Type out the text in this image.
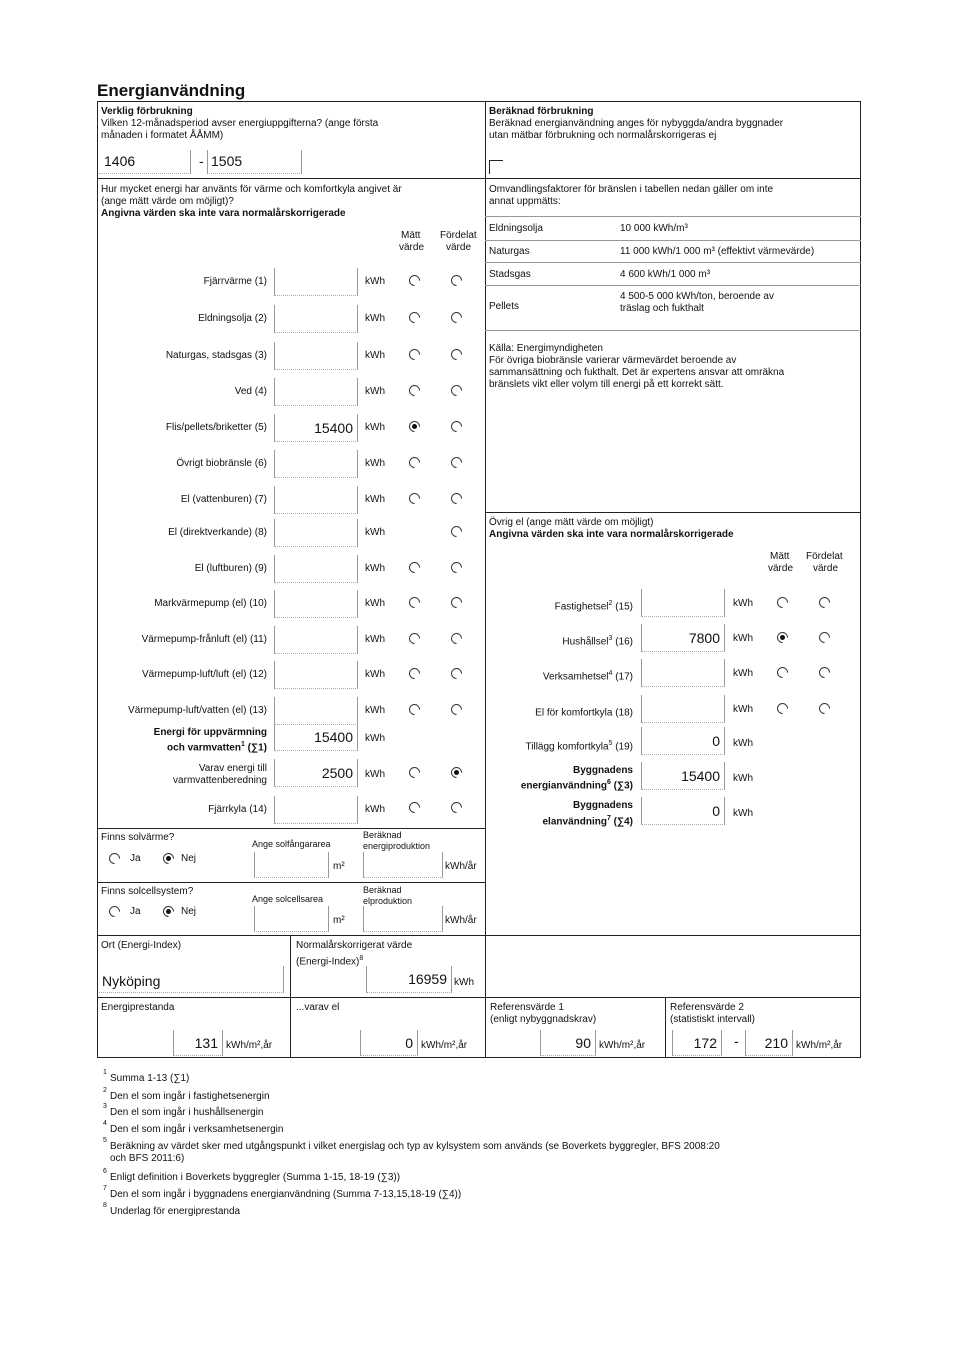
Energianvändning
Verklig förbrukning
Vilken 12-månadsperiod avser energiuppgifterna? (ange första
månaden i formatet ÅÅMM)
1406	- 1505
Hur mycket energi har använts för värme och komfortkyla angivet är
(ange mätt värde om möjligt)?
Angivna värden ska inte vara normalårskorrigerade
Mätt
värde
Fördelat
värde
Fjärrvärme (1)	kWh
Eldningsolja (2)	kWh
Naturgas, stadsgas (3)	kWh
Ved (4)	kWh
Flis/pellets/briketter (5)	15400	kWh
Övrigt biobränsle (6)	kWh
El (vattenburen) (7)	kWh
El (direktverkande) (8)	kWh
El (luftburen) (9)	kWh
Markvärmepump (el) (10)	kWh
Värmepump-frånluft (el) (11)	kWh
Värmepump-luft/luft (el) (12)	kWh
Värmepump-luft/vatten (el) (13)	kWh
Energi för uppvärmning
och varmvatten$^1$ (∑1)
15400	kWh
Varav energi till
varmvattenberedning	2500	kWh
Fjärrkyla (14)	kWh
Finns solvärme?
Ja	Nej
Ange solfångararea
m²
Beräknad
energiproduktion
kWh/år
Finns solcellsystem?
Ja	Nej
Ange solcellsarea
m²
Beräknad
elproduktion
kWh/år
Beräknad förbrukning
Beräknad energianvändning anges för nybyggda/andra byggnader
utan mätbar förbrukning och normalårskorrigeras ej
Omvandlingsfaktorer för bränslen i tabellen nedan gäller om inte
annat uppmätts:
Eldningsolja	10 000 kWh/m³
Naturgas	11 000 kWh/1 000 m³ (effektivt värmevärde)
Stadsgas	4 600 kWh/1 000 m³
Pellets
4 500-5 000 kWh/ton, beroende av
träslag och fukthalt
Källa: Energimyndigheten
För övriga biobränsle varierar värmevärdet beroende av
sammansättning och fukthalt. Det är expertens ansvar att omräkna
bränslets vikt eller volym till energi på ett korrekt sätt.
Övrig el (ange mätt värde om möjligt)
Angivna värden ska inte vara normalårskorrigerade
Mätt
värde
Fördelat
värde
Fastighetsel$^2$ (15)	kWh
Hushållsel$^3$ (16)	7800	kWh
Verksamhetsel$^4$ (17)	kWh
El för komfortkyla (18)	kWh
Tillägg komfortkyla$^5$ (19)	0	kWh
Byggnadens
energianvändning$^6$ (∑3)
15400	kWh
Byggnadens
elanvändning$^7$ (∑4)
0	kWh
Ort (Energi-Index)
Nyköping
Normalårskorrigerat värde
(Energi-Index)$^8$
16959 kWh
Energiprestanda
131 kWh/m²,år
...varav el
0 kWh/m²,år
Referensvärde 1
(enligt nybyggnadskrav)
90 kWh/m²,år
Referensvärde 2
(statistiskt intervall)
172	-	210 kWh/m²,år
1
Summa 1-13 (∑1)
2
Den el som ingår i fastighetsenergin
3
Den el som ingår i hushållsenergin
4
Den el som ingår i verksamhetsenergin
5
Beräkning av värdet sker med utgångspunkt i vilket energislag och typ av kylsystem som används (se Boverkets byggregler, BFS 2008:20
och BFS 2011:6)
6
Enligt definition i Boverkets byggregler (Summa 1-15, 18-19 (∑3))
7
Den el som ingår i byggnadens energianvändning (Summa 7-13,15,18-19 (∑4))
8
Underlag för energiprestanda
